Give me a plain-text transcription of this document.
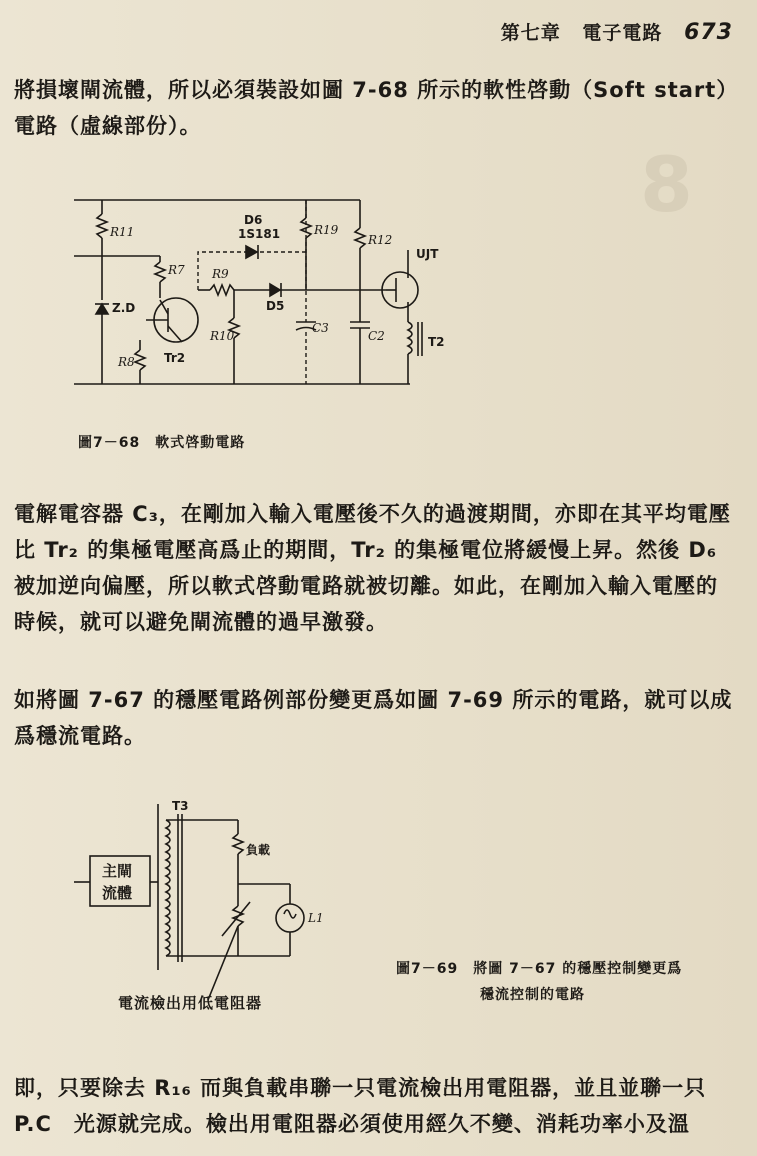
8
第七章 電子電路 673

將損壞閘流體，所以必須裝設如圖 7-68 所示的軟性啓動（Soft start）電路（虛線部份）。

R11
R7 R9
R10
R8
R19
R12
Z.D
Tr2
D6
1S181
D5
C3
C2
UJT
T2
圖7－68　軟式啓動電路

電解電容器 C₃，在剛加入輸入電壓後不久的過渡期間，亦即在其平均電壓比 Tr₂ 的集極電壓高爲止的期間，Tr₂ 的集極電位將緩慢上昇。然後 D₆ 被加逆向偏壓，所以軟式啓動電路就被切離。如此，在剛加入輸入電壓的時候，就可以避免閘流體的過早激發。

如將圖 7-67 的穩壓電路例部份變更爲如圖 7-69 所示的電路，就可以成爲穩流電路。

主閘
流體
T3
負載
L1
電流檢出用低電阻器
圖7－69　將圖 7－67 的穩壓控制變更爲
穩流控制的電路

即，只要除去 R₁₆ 而與負載串聯一只電流檢出用電阻器，並且並聯一只 P.C　光源就完成。檢出用電阻器必須使用經久不變、消耗功率小及溫
